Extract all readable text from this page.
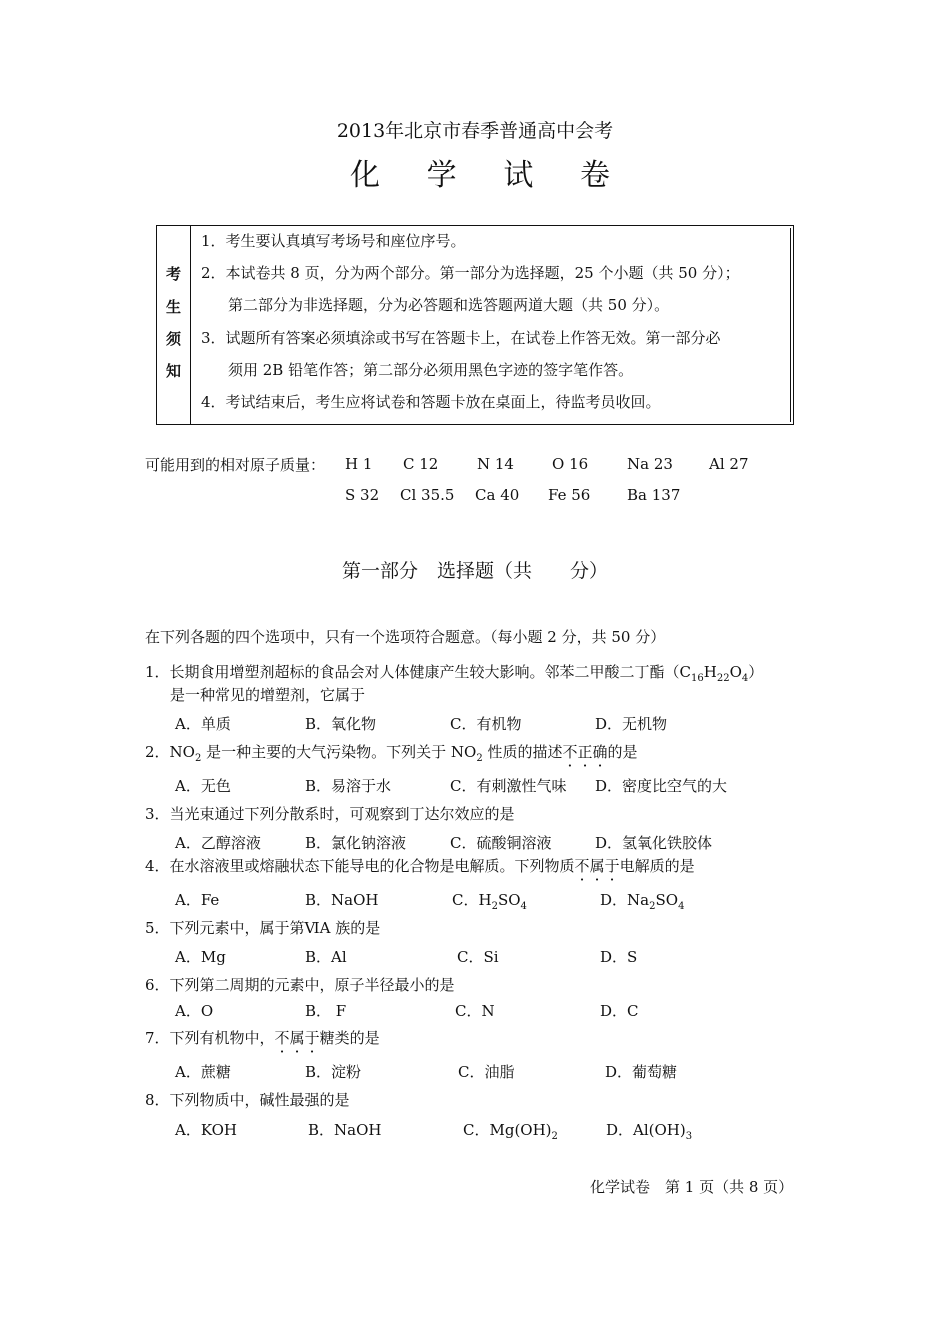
2013年北京市春季普通高中会考
化 学 试 卷
考
生
须
知
1．考生要认真填写考场号和座位序号。
2．本试卷共 8 页，分为两个部分。第一部分为选择题，25 个小题（共 50 分）；
第二部分为非选择题，分为必答题和选答题两道大题（共 50 分）。
3．试题所有答案必须填涂或书写在答题卡上，在试卷上作答无效。第一部分必
须用 2B 铅笔作答；第二部分必须用黑色字迹的签字笔作答。
4．考试结束后，考生应将试卷和答题卡放在桌面上，待监考员收回。
可能用到的相对原子质量： H 1 C 12	N 14	O 16	Na 23 Al 27
S 32 Cl 35.5 Ca 40 Fe 56 Ba 137
第一部分　选择题（共　　分）
在下列各题的四个选项中，只有一个选项符合题意。（每小题 2 分，共 50 分）
1．长期食用增塑剂超标的食品会对人体健康产生较大影响。邻苯二甲酸二丁酯$(C_{16}H_{22}O_4)$
是一种常见的增塑剂，它属于
A．单质	B．氧化物	C．有机物	D．无机物
2．$NO_2$ 是一种主要的大气污染物。下列关于 $NO_2$ 性质的描述不正确的是
A．无色	B．易溶于水	C．有刺激性气味 D．密度比空气的大
3．当光束通过下列分散系时，可观察到丁达尔效应的是
A．乙醇溶液	B．氯化钠溶液	C．硫酸铜溶液	D．氢氧化铁胶体
4．在水溶液里或熔融状态下能导电的化合物是电解质。下列物质不属于电解质的是
A．Fe	B．NaOH	C．$H_2SO_4$	D．$Na_2SO_4$
5．下列元素中，属于第ⅥA 族的是
A．Mg	B．Al	C．Si	D．S
6．下列第二周期的元素中，原子半径最小的是
A．O	B． F	C．N	D．C
7．下列有机物中，不属于糖类的是
A．蔗糖	B．淀粉	C．油脂	D．葡萄糖
8．下列物质中，碱性最强的是
A．KOH	B．NaOH	C．$Mg(OH)_2$	D．$Al(OH)_3$
化学试卷　第 1 页（共 8 页）
